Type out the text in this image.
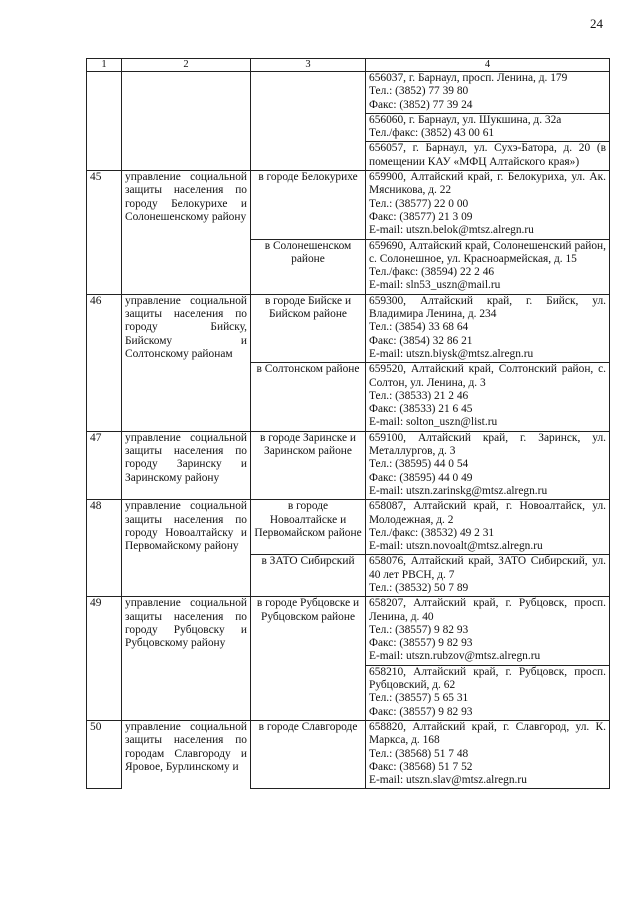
24
1	2	3	4

			656037, г. Барнаул, просп. Ленина, д. 179
Тел.: (3852) 77 39 80
Факс: (3852) 77 39 24

			656060, г. Барнаул, ул. Шукшина, д. 32а
Тел./факс: (3852) 43 00 61

			656057, г. Барнаул, ул. Сухэ-Батора, д. 20 (в помещении КАУ «МФЦ Алтайского края»)

45	управление социальной защиты населения по городу Белокурихе и Солонешенскому району	в городе Белокурихе	659900, Алтайский край, г. Белокуриха, ул. Ак. Мясникова, д. 22
Тел.: (38577) 22 0 00
Факс: (38577) 21 3 09
E-mail: utszn.belok@mtsz.alregn.ru

		в Солонешенском районе	659690, Алтайский край, Солонешенский район, с. Солонешное, ул. Красноармейская, д. 15
Тел./факс: (38594) 22 2 46
E-mail: sln53_uszn@mail.ru

46	управление социальной защиты населения по городу Бийску, Бийскому и Солтонскому районам	в городе Бийске и Бийском районе	659300, Алтайский край, г. Бийск, ул. Владимира Ленина, д. 234
Тел.: (3854) 33 68 64
Факс: (3854) 32 86 21
E-mail: utszn.biysk@mtsz.alregn.ru

		в Солтонском районе	659520, Алтайский край, Солтонский район, с. Солтон, ул. Ленина, д. 3
Тел.: (38533) 21 2 46
Факс: (38533) 21 6 45
E-mail: solton_uszn@list.ru

47	управление социальной защиты населения по городу Заринску и Заринскому району	в городе Заринске и Заринском районе	659100, Алтайский край, г. Заринск, ул. Металлургов, д. 3
Тел.: (38595) 44 0 54
Факс: (38595) 44 0 49
E-mail: utszn.zarinskg@mtsz.alregn.ru

48	управление социальной защиты населения по городу Новоалтайску и Первомайскому району	в городе Новоалтайске и Первомайском районе	658087, Алтайский край, г. Новоалтайск, ул. Молодежная, д. 2
Тел./факс: (38532) 49 2 31
E-mail: utszn.novoalt@mtsz.alregn.ru

		в ЗАТО Сибирский	658076, Алтайский край, ЗАТО Сибирский, ул. 40 лет РВСН, д. 7
Тел.: (38532) 50 7 89

49	управление социальной защиты населения по городу Рубцовску и Рубцовскому району	в городе Рубцовске и Рубцовском районе	658207, Алтайский край, г. Рубцовск, просп. Ленина, д. 40
Тел.: (38557) 9 82 93
Факс: (38557) 9 82 93
E-mail: utszn.rubzov@mtsz.alregn.ru

			658210, Алтайский край, г. Рубцовск, просп. Рубцовский, д. 62
Тел.: (38557) 5 65 31
Факс: (38557) 9 82 93

50	управление социальной защиты населения по городам Славгороду и Яровое, Бурлинскому и	в городе Славгороде	658820, Алтайский край, г. Славгород, ул. К. Маркса, д. 168
Тел.: (38568) 51 7 48
Факс: (38568) 51 7 52
E-mail: utszn.slav@mtsz.alregn.ru
